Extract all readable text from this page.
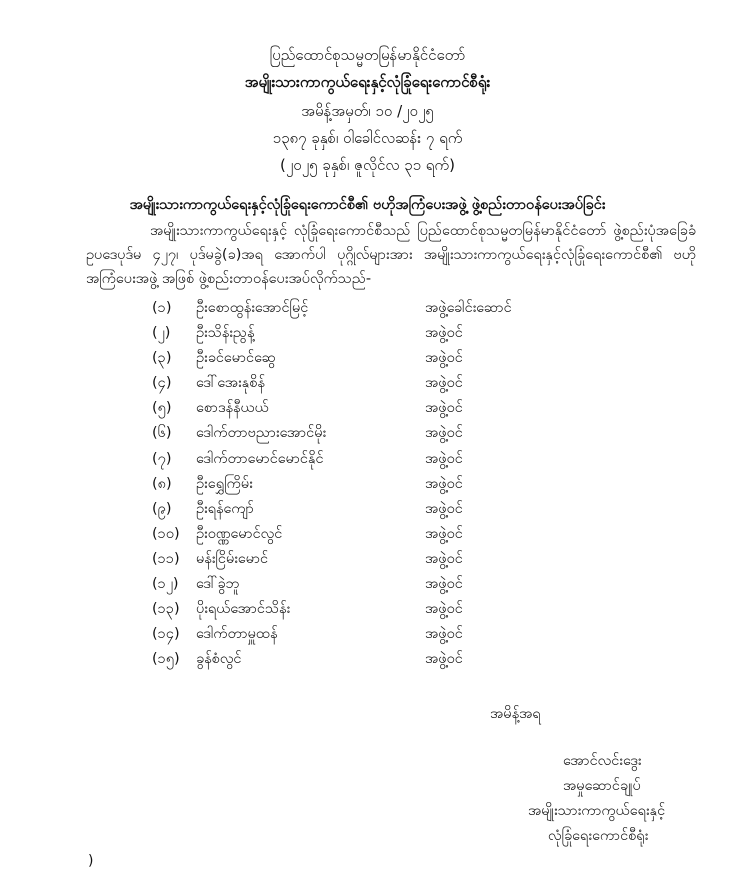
ပြည်ထောင်စုသမ္မတမြန်မာနိုင်ငံတော်
အမျိုးသားကာကွယ်ရေးနှင့်လုံခြုံရေးကောင်စီရုံး
အမိန့်အမှတ်၊ ၁၀ /၂၀၂၅
၁၃၈၇ ခုနှစ်၊ ဝါခေါင်လဆန်း ၇ ရက်
(၂၀၂၅ ခုနှစ်၊ ဇူလိုင်လ ၃၁ ရက်)
အမျိုးသားကာကွယ်ရေးနှင့်လုံခြုံရေးကောင်စီ၏ ဗဟိုအကြံပေးအဖွဲ့ ဖွဲ့စည်းတာဝန်ပေးအပ်ခြင်း
အမျိုးသားကာကွယ်ရေးနှင့် လုံခြုံရေးကောင်စီသည် ပြည်ထောင်စုသမ္မတမြန်မာနိုင်ငံတော် ဖွဲ့စည်းပုံအခြေခံဥပဒေပုဒ်မ ၄၂၇၊ ပုဒ်မခွဲ(ခ)အရ အောက်ပါ ပုဂ္ဂိုလ်များအား အမျိုးသားကာကွယ်ရေးနှင့်လုံခြုံရေးကောင်စီ၏ ဗဟိုအကြံပေးအဖွဲ့ အဖြစ် ဖွဲ့စည်းတာဝန်ပေးအပ်လိုက်သည်-
(၁) ဦးစောထွန်းအောင်မြင့်	အဖွဲ့ခေါင်းဆောင်
(၂) ဦးသိန်းညွန့်	အဖွဲ့ဝင်
(၃) ဦးခင်မောင်ဆွေ	အဖွဲ့ဝင်
(၄) ဒေါ်အေးနုစိန်	အဖွဲ့ဝင်
(၅) စောဒန်နီယယ်	အဖွဲ့ဝင်
(၆) ဒေါက်တာဗညားအောင်မိုး	အဖွဲ့ဝင်
(၇) ဒေါက်တာမောင်မောင်နိုင်	အဖွဲ့ဝင်
(၈) ဦးရွှေကြိမ်း	အဖွဲ့ဝင်
(၉) ဦးရန်ကျော်	အဖွဲ့ဝင်
(၁၀) ဦးဝဏ္ဏမောင်လွင်	အဖွဲ့ဝင်
(၁၁) မန်းငြိမ်းမောင်	အဖွဲ့ဝင်
(၁၂) ဒေါ်ခွဲဘူ	အဖွဲ့ဝင်
(၁၃) ပိုးရယ်အောင်သိန်း	အဖွဲ့ဝင်
(၁၄) ဒေါက်တာမှူထန်	အဖွဲ့ဝင်
(၁၅) ခွန်စံလွင်	အဖွဲ့ဝင်
အမိန့်အရ
အောင်လင်းဒွေး
အမှုဆောင်ချုပ်
အမျိုးသားကာကွယ်ရေးနှင့်
လုံခြုံရေးကောင်စီရုံး
)
